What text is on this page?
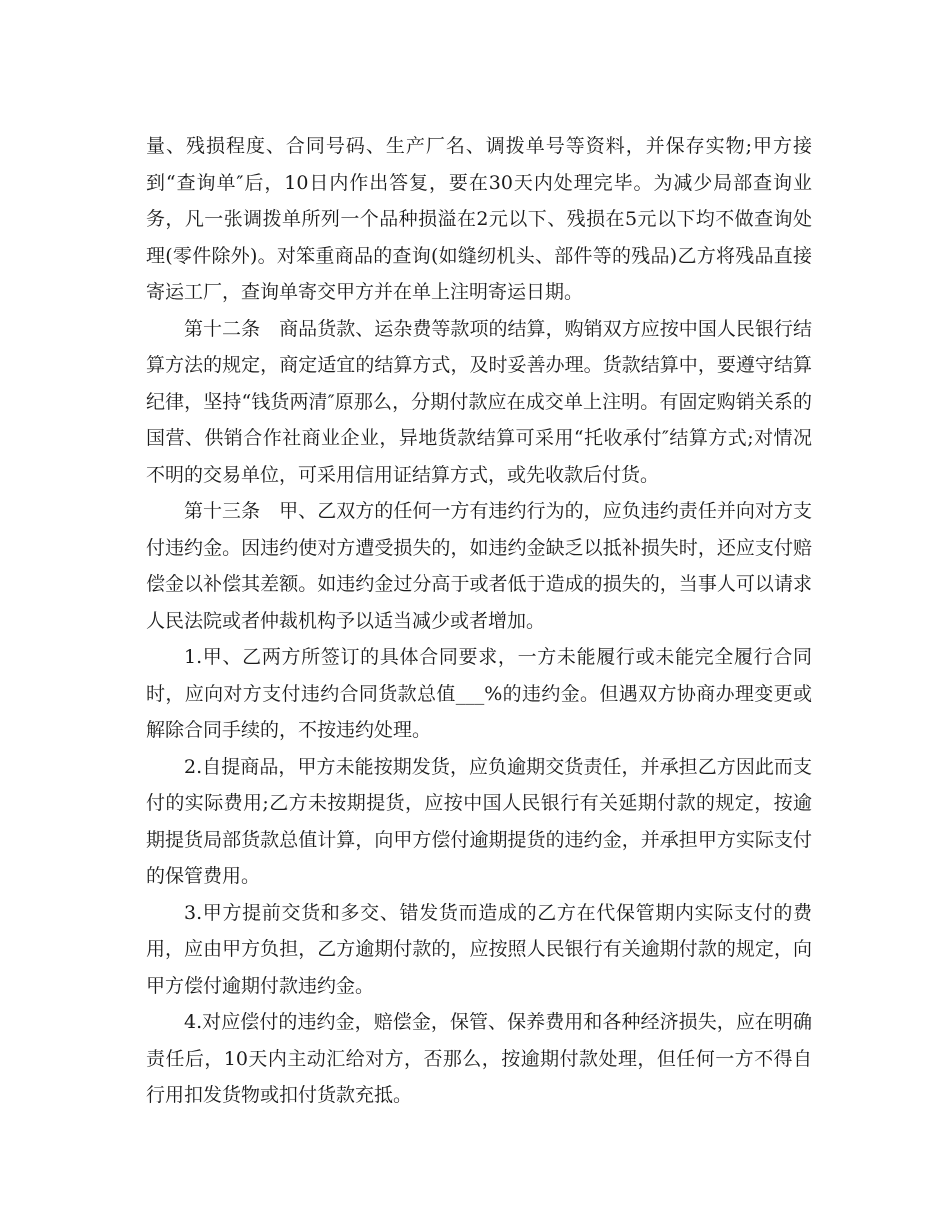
量、残损程度、合同号码、生产厂名、调拨单号等资料，并保存实物;甲方接到“查询单″后，10日内作出答复，要在30天内处理完毕。为减少局部查询业务，凡一张调拨单所列一个品种损溢在2元以下、残损在5元以下均不做查询处理(零件除外)。对笨重商品的查询(如缝纫机头、部件等的残品)乙方将残品直接寄运工厂，查询单寄交甲方并在单上注明寄运日期。

第十二条　商品货款、运杂费等款项的结算，购销双方应按中国人民银行结算方法的规定，商定适宜的结算方式，及时妥善办理。货款结算中，要遵守结算纪律，坚持“钱货两清″原那么，分期付款应在成交单上注明。有固定购销关系的国营、供销合作社商业企业，异地货款结算可采用“托收承付″结算方式;对情况不明的交易单位，可采用信用证结算方式，或先收款后付货。

第十三条　甲、乙双方的任何一方有违约行为的，应负违约责任并向对方支付违约金。因违约使对方遭受损失的，如违约金缺乏以抵补损失时，还应支付赔偿金以补偿其差额。如违约金过分高于或者低于造成的损失的，当事人可以请求人民法院或者仲裁机构予以适当减少或者增加。

1.甲、乙两方所签订的具体合同要求，一方未能履行或未能完全履行合同时，应向对方支付违约合同货款总值___%的违约金。但遇双方协商办理变更或解除合同手续的，不按违约处理。

2.自提商品，甲方未能按期发货，应负逾期交货责任，并承担乙方因此而支付的实际费用;乙方未按期提货，应按中国人民银行有关延期付款的规定，按逾期提货局部货款总值计算，向甲方偿付逾期提货的违约金，并承担甲方实际支付的保管费用。

3.甲方提前交货和多交、错发货而造成的乙方在代保管期内实际支付的费用，应由甲方负担，乙方逾期付款的，应按照人民银行有关逾期付款的规定，向甲方偿付逾期付款违约金。

4.对应偿付的违约金，赔偿金，保管、保养费用和各种经济损失，应在明确责任后，10天内主动汇给对方，否那么，按逾期付款处理，但任何一方不得自行用扣发货物或扣付货款充抵。
